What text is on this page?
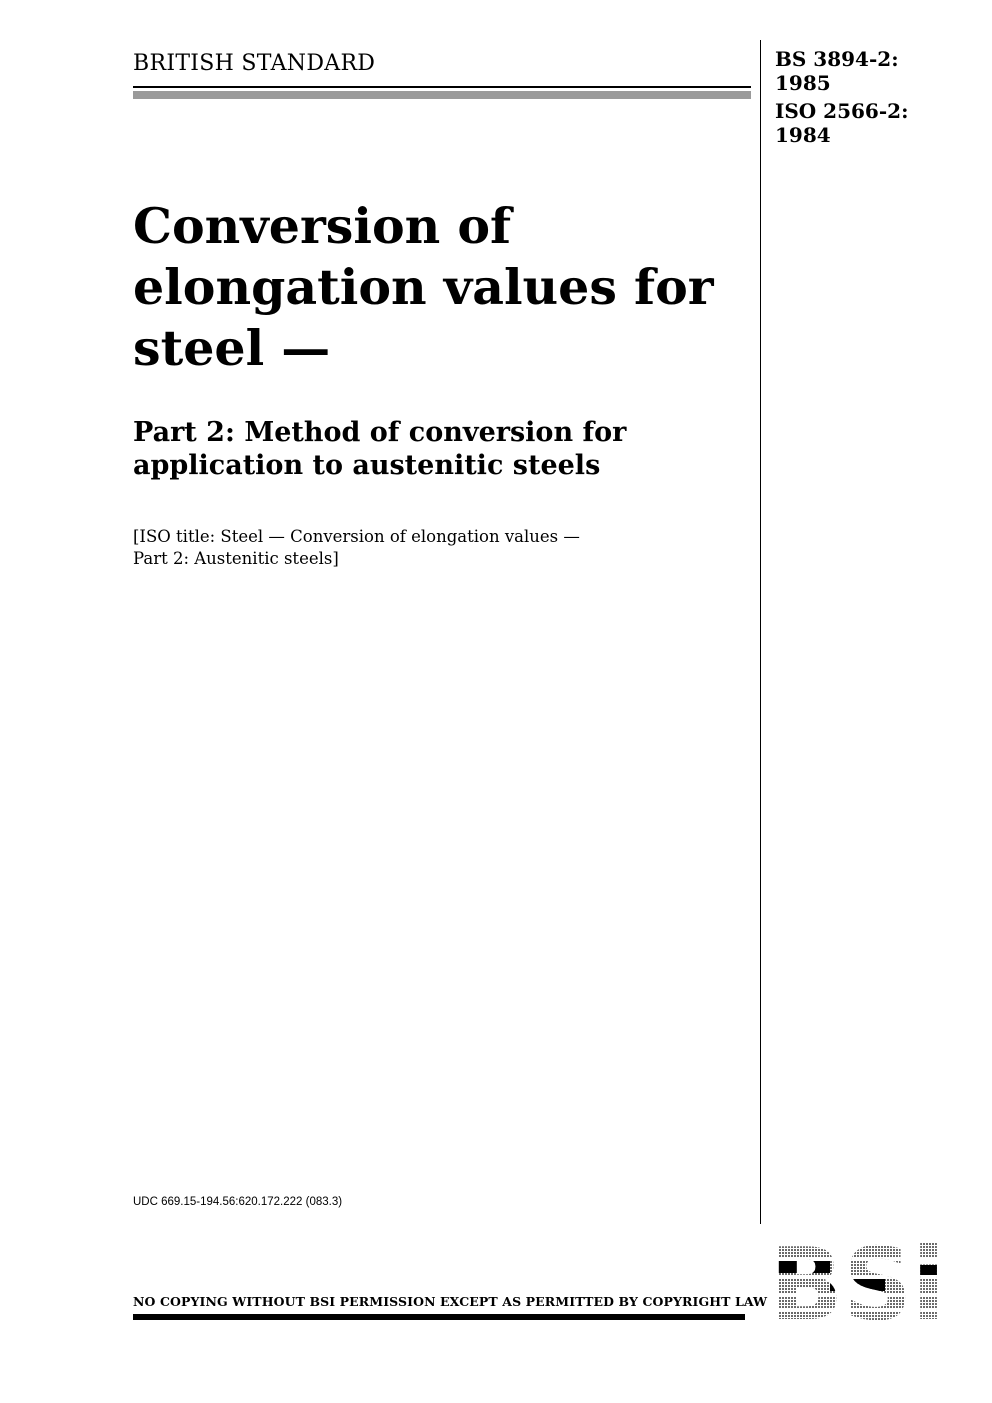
BRITISH STANDARD	BS 3894-2:
1985
ISO 2566-2:
1984
Conversion of
elongation values for
steel —
Part 2: Method of conversion for
application to austenitic steels
[ISO title: Steel — Conversion of elongation values —
Part 2: Austenitic steels]
UDC 669.15-194.56:620.172.222 (083.3)
NO COPYING WITHOUT BSI PERMISSION EXCEPT AS PERMITTED BY COPYRIGHT LAW
